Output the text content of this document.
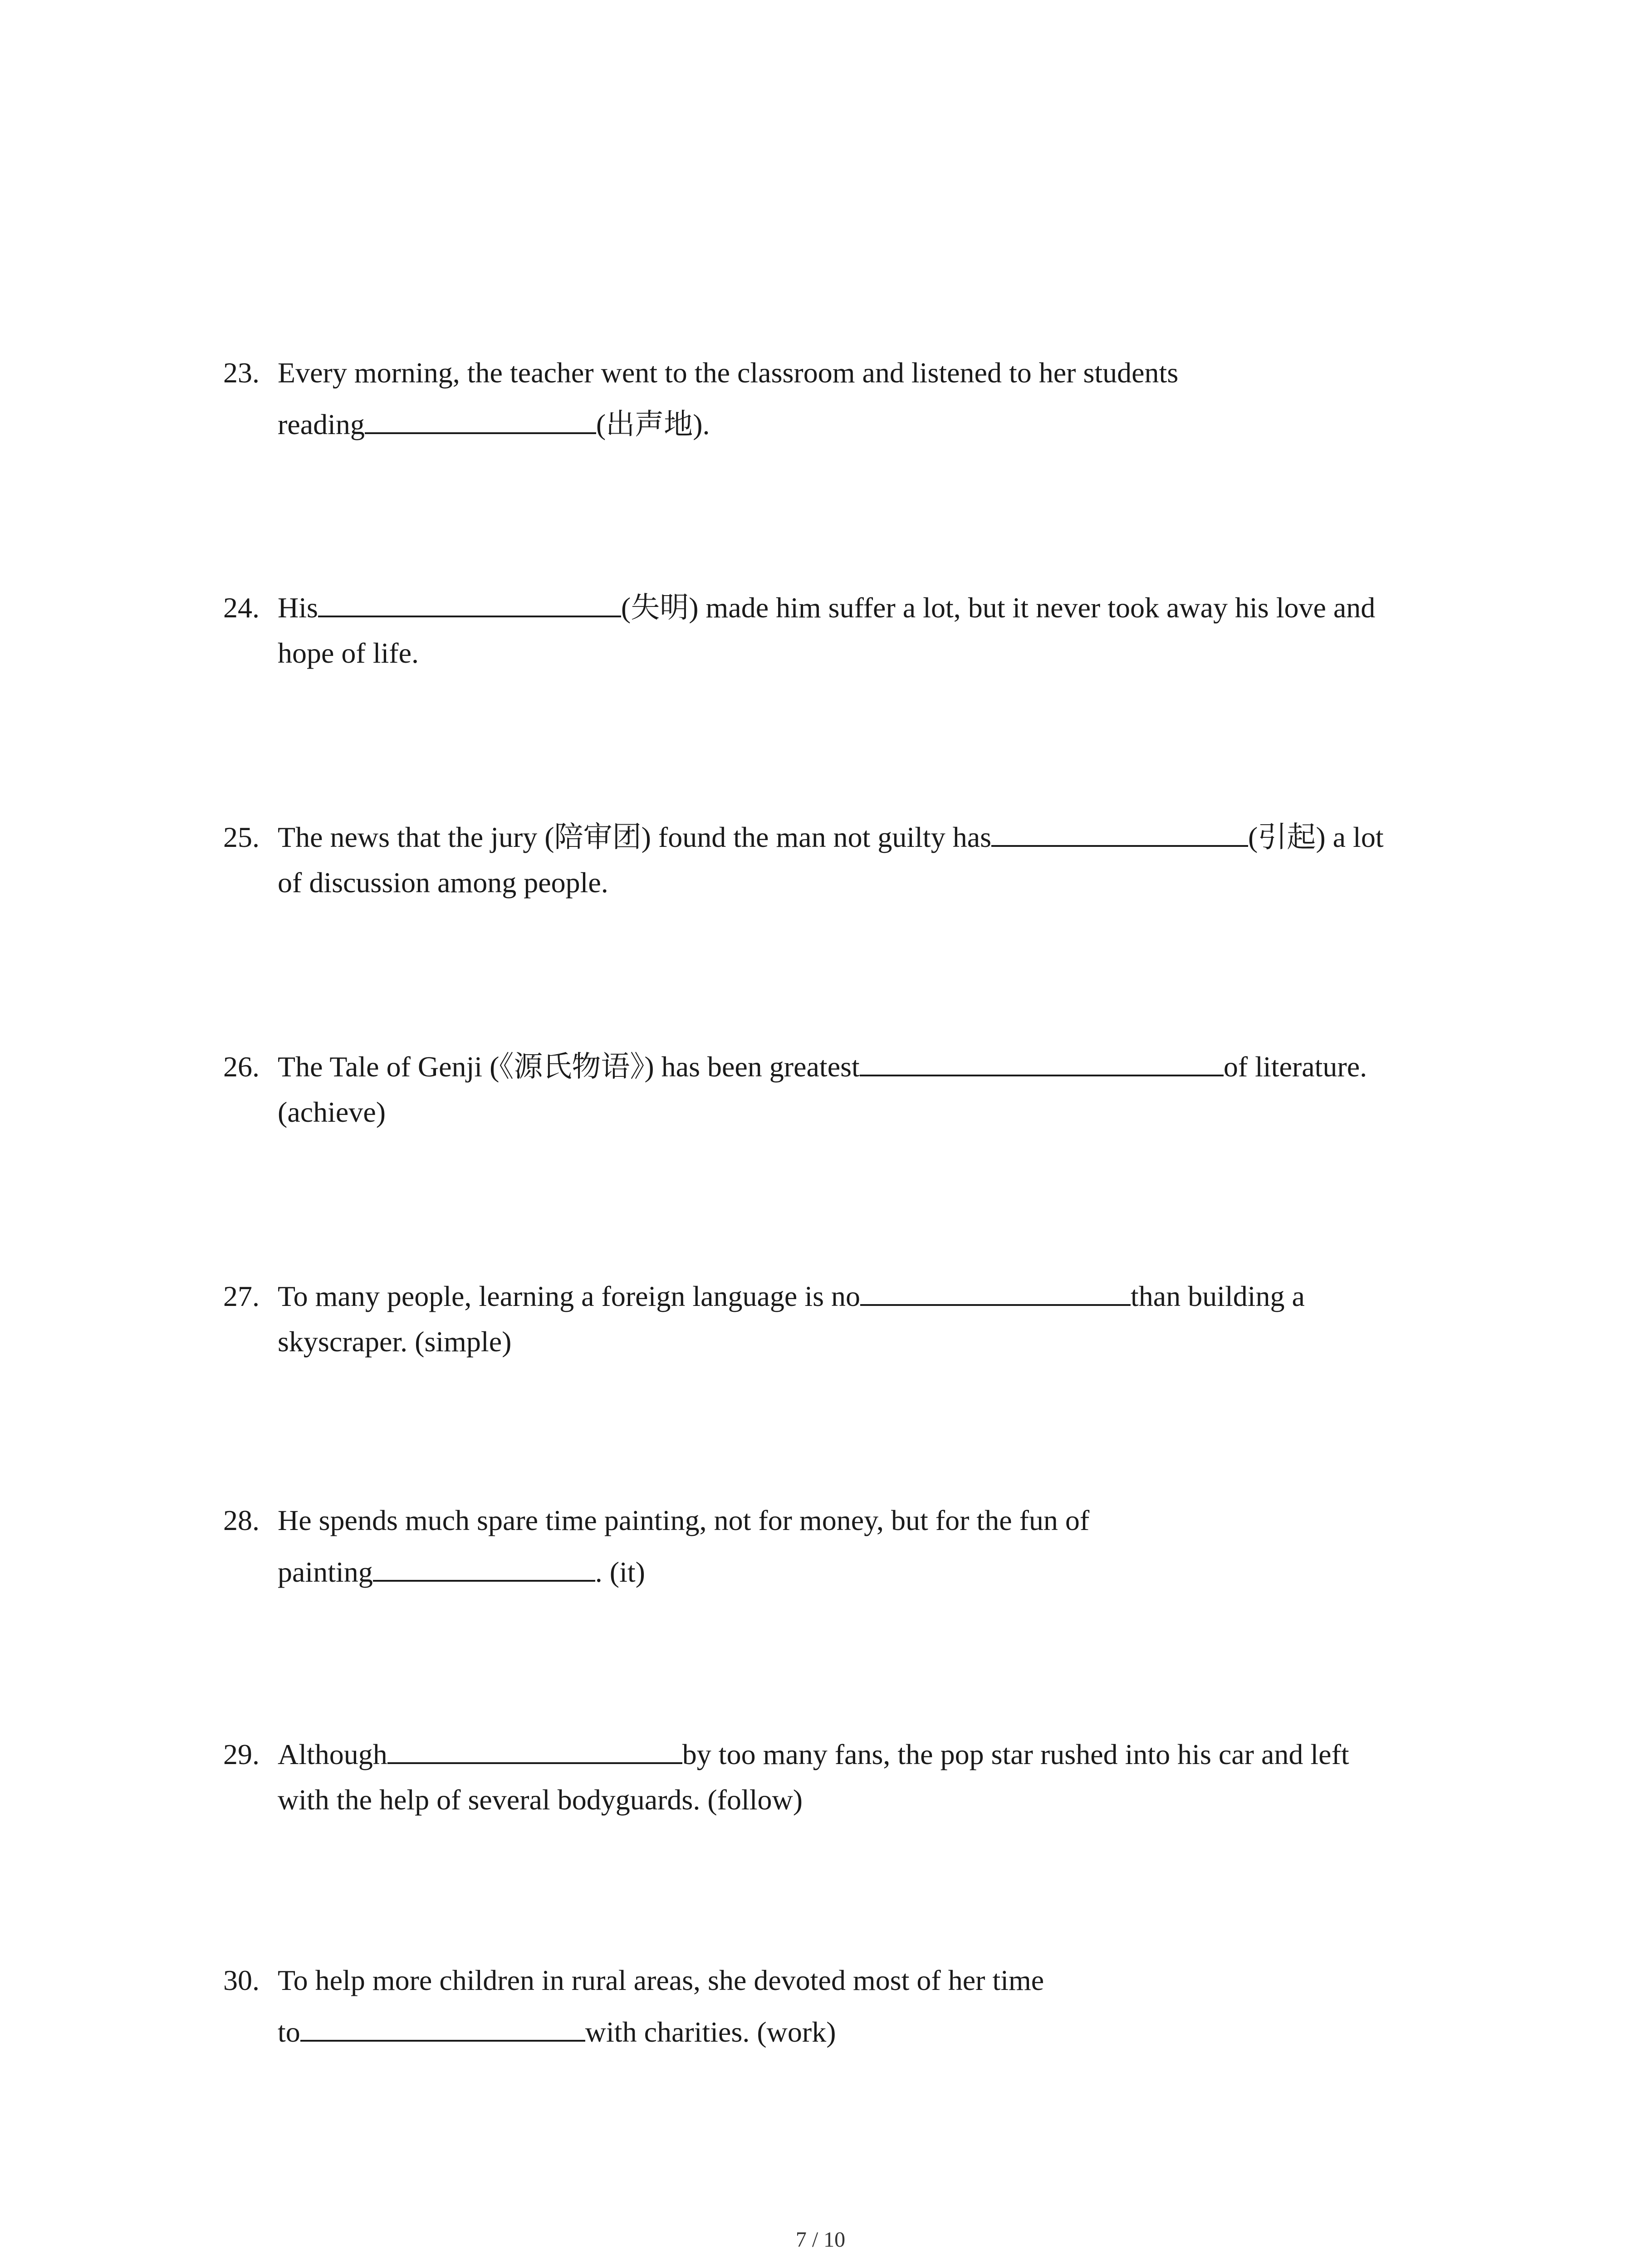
23. Every morning, the teacher went to the classroom and listened to her students
reading	(出声地).
24. His	(失明) made him suffer a lot, but it never took away his love and
hope of life.
25. The news that the jury (陪审团) found the man not guilty has	(引起) a lot
of discussion among people.
26. The Tale of Genji (《源氏物语》) has been greatest	of literature.
(achieve)
27. To many people, learning a foreign language is no	than building a
skyscraper. (simple)
28. He spends much spare time painting, not for money, but for the fun of
painting	. (it)
29. Although	by too many fans, the pop star rushed into his car and left
with the help of several bodyguards. (follow)
30. To help more children in rural areas, she devoted most of her time
to	with charities. (work)
7 / 10
